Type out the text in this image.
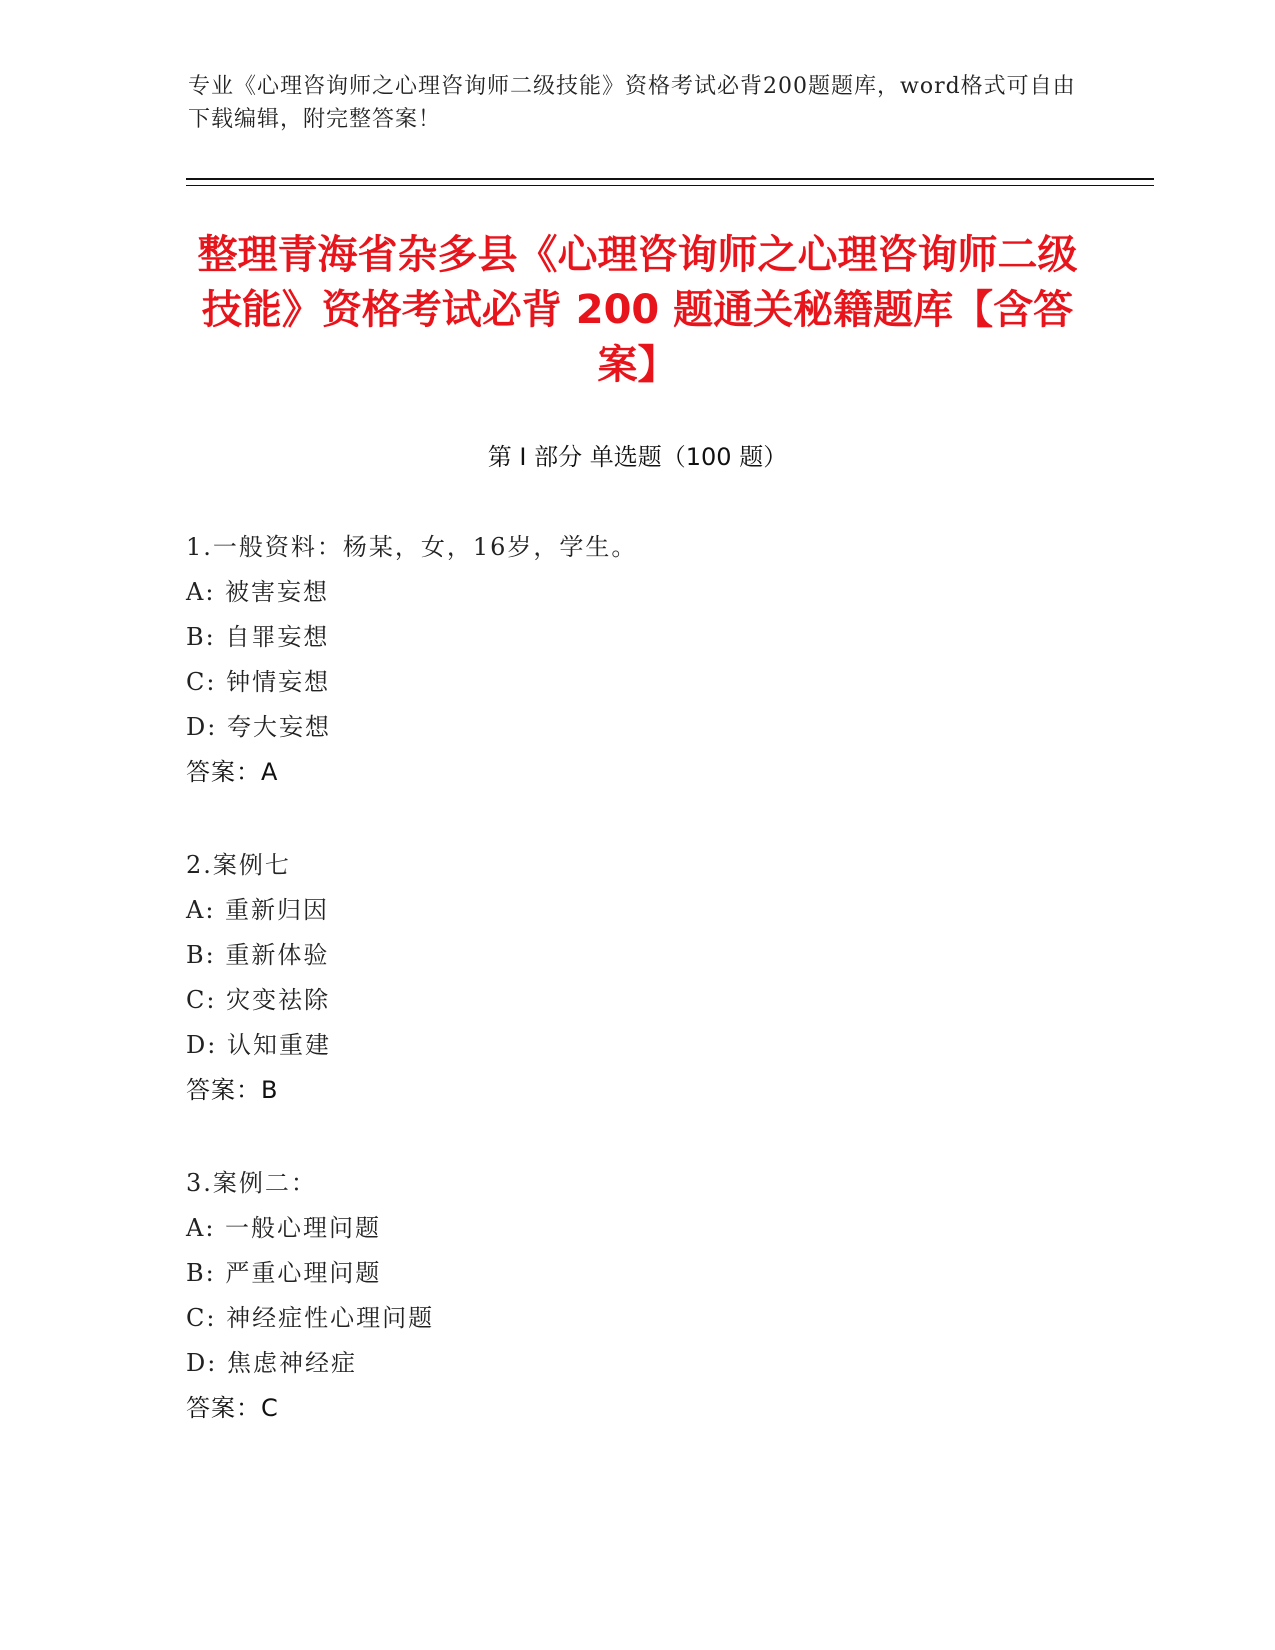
专业《心理咨询师之心理咨询师二级技能》资格考试必背200题题库，word格式可自由下载编辑，附完整答案！
整理青海省杂多县《心理咨询师之心理咨询师二级技能》资格考试必背 200 题通关秘籍题库【含答案】
第 I 部分 单选题（100 题）
1.一般资料：杨某，女，16岁，学生。
A: 被害妄想
B: 自罪妄想
C: 钟情妄想
D: 夸大妄想
答案：A
2.案例七
A: 重新归因
B: 重新体验
C: 灾变祛除
D: 认知重建
答案：B
3.案例二：
A: 一般心理问题
B: 严重心理问题
C: 神经症性心理问题
D: 焦虑神经症
答案：C
